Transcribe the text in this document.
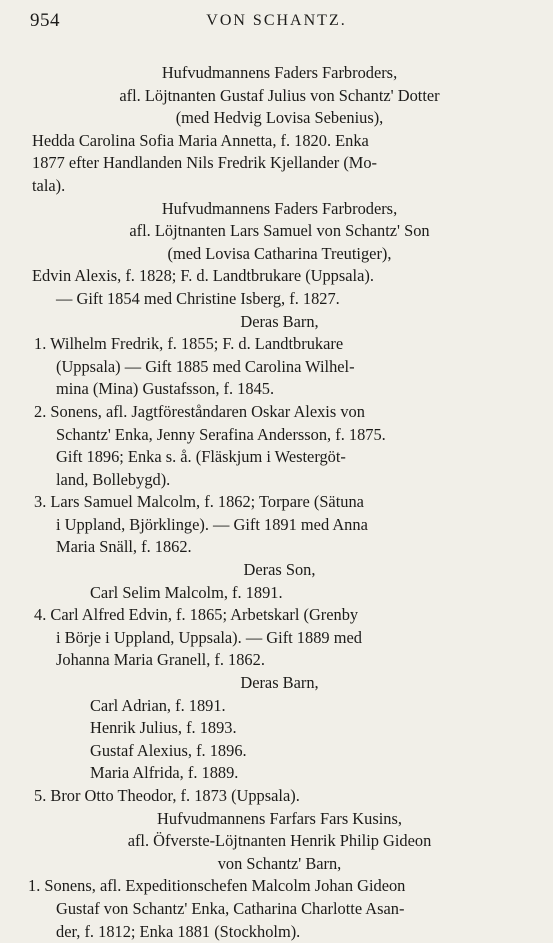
954	VON SCHANTZ.
Hufvudmannens Faders Farbroders,
afl. Löjtnanten Gustaf Julius von Schantz' Dotter
(med Hedvig Lovisa Sebenius),
Hedda Carolina Sofia Maria Annetta, f. 1820. Enka
1877 efter Handlanden Nils Fredrik Kjellander (Mo-
tala).
Hufvudmannens Faders Farbroders,
afl. Löjtnanten Lars Samuel von Schantz' Son
(med Lovisa Catharina Treutiger),
Edvin Alexis, f. 1828; F. d. Landtbrukare (Uppsala).
— Gift 1854 med Christine Isberg, f. 1827.
Deras Barn,
1. Wilhelm Fredrik, f. 1855; F. d. Landtbrukare
(Uppsala) — Gift 1885 med Carolina Wilhel-
mina (Mina) Gustafsson, f. 1845.
2. Sonens, afl. Jagtföreståndaren Oskar Alexis von
Schantz' Enka, Jenny Serafina Andersson, f. 1875.
Gift 1896; Enka s. å. (Fläskjum i Westergöt-
land, Bollebygd).
3. Lars Samuel Malcolm, f. 1862; Torpare (Sätuna
i Uppland, Björklinge). — Gift 1891 med Anna
Maria Snäll, f. 1862.
Deras Son,
Carl Selim Malcolm, f. 1891.
4. Carl Alfred Edvin, f. 1865; Arbetskarl (Grenby
i Börje i Uppland, Uppsala). — Gift 1889 med
Johanna Maria Granell, f. 1862.
Deras Barn,
Carl Adrian, f. 1891.
Henrik Julius, f. 1893.
Gustaf Alexius, f. 1896.
Maria Alfrida, f. 1889.
5. Bror Otto Theodor, f. 1873 (Uppsala).
Hufvudmannens Farfars Fars Kusins,
afl. Öfverste-Löjtnanten Henrik Philip Gideon
von Schantz' Barn,
1. Sonens, afl. Expeditionschefen Malcolm Johan Gideon
Gustaf von Schantz' Enka, Catharina Charlotte Asan-
der, f. 1812; Enka 1881 (Stockholm).
